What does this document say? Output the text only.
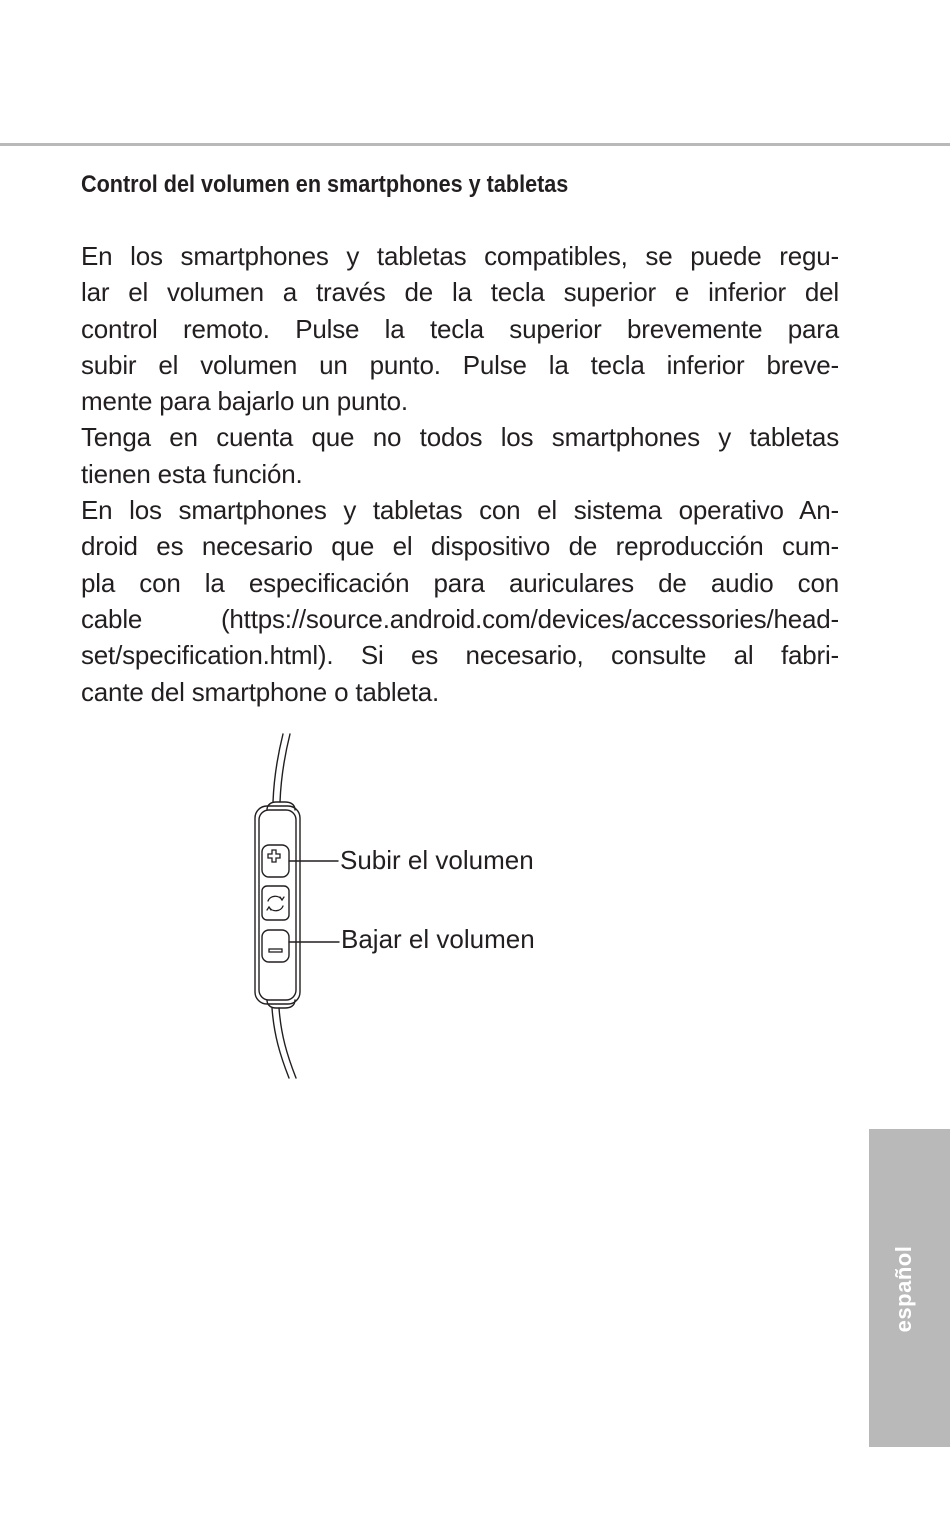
Control del volumen en smartphones y tabletas
En los smartphones y tabletas compatibles, se puede regu-
lar el volumen a través de la tecla superior e inferior del
control remoto. Pulse la tecla superior brevemente para
subir el volumen un punto. Pulse la tecla inferior breve-
mente para bajarlo un punto.
Tenga en cuenta que no todos los smartphones y tabletas
tienen esta función.
En los smartphones y tabletas con el sistema operativo An-
droid es necesario que el dispositivo de reproducción cum-
pla con la especificación para auriculares de audio con
cable (https://source.android.com/devices/accessories/head-
set/specification.html). Si es necesario, consulte al fabri-
cante del smartphone o tableta.
Subir el volumen
Bajar el volumen
español
